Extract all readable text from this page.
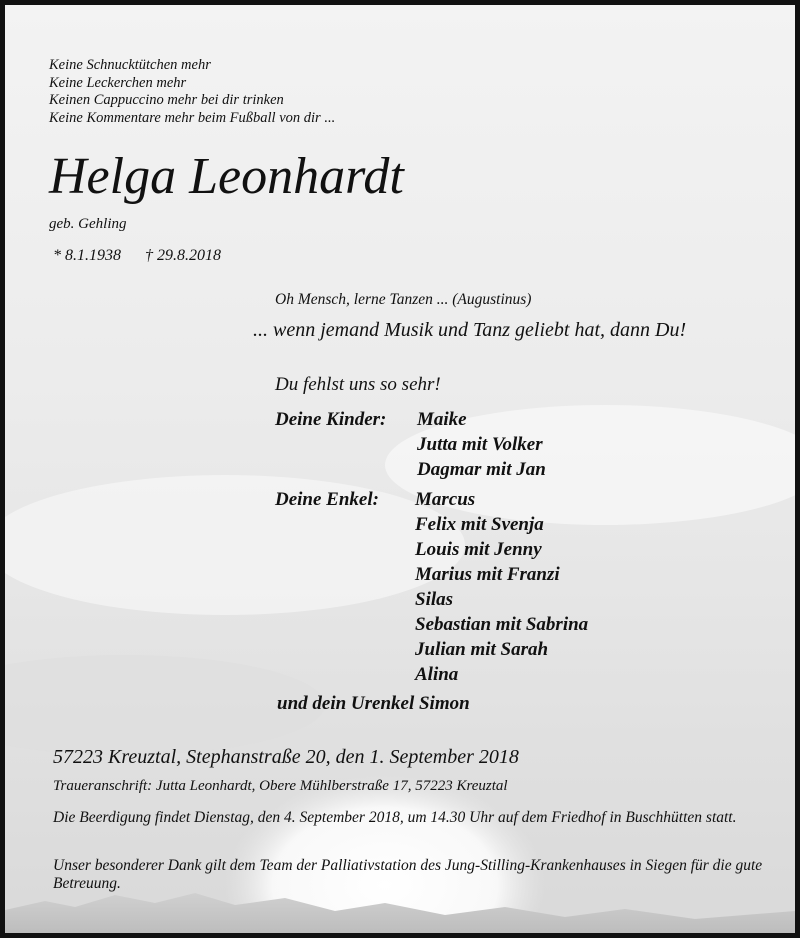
Keine Schnucktütchen mehr
Keine Leckerchen mehr
Keinen Cappuccino mehr bei dir trinken
Keine Kommentare mehr beim Fußball von dir ...
Helga Leonhardt
geb. Gehling
* 8.1.1938 † 29.8.2018
Oh Mensch, lerne Tanzen ... (Augustinus)
... wenn jemand Musik und Tanz geliebt hat, dann Du!
Du fehlst uns so sehr!
Deine Kinder:	Maike
Jutta mit Volker
Dagmar mit Jan
Deine Enkel:	Marcus
Felix mit Svenja
Louis mit Jenny
Marius mit Franzi
Silas
Sebastian mit Sabrina
Julian mit Sarah
Alina
und dein Urenkel Simon
57223 Kreuztal, Stephanstraße 20, den 1. September 2018
Traueranschrift: Jutta Leonhardt, Obere Mühlberstraße 17, 57223 Kreuztal
Die Beerdigung findet Dienstag, den 4. September 2018, um 14.30 Uhr auf dem Friedhof in Buschhütten statt.
Unser besonderer Dank gilt dem Team der Palliativstation des Jung-Stilling-Krankenhauses in Siegen für die gute Betreuung.
